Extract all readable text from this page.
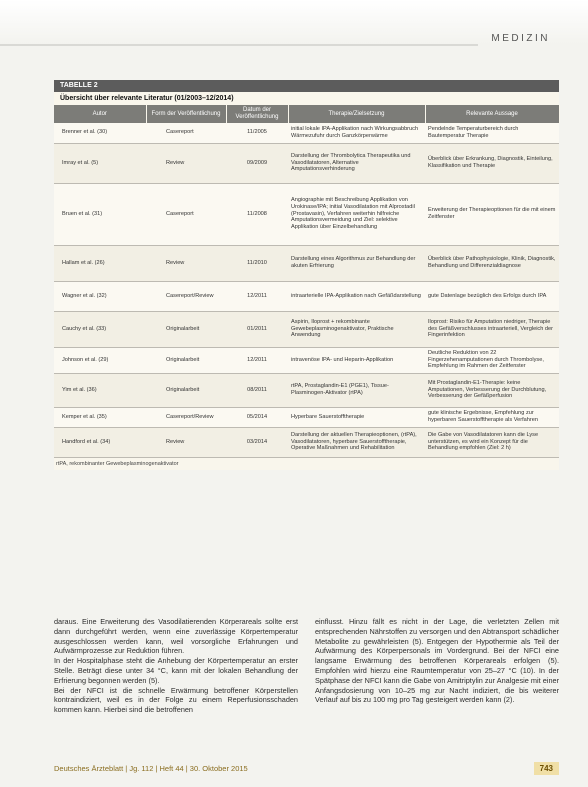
MEDIZIN
TABELLE 2
Übersicht über relevante Literatur (01/2003–12/2014)
Autor	Form der Veröffentlichung	Datum der Veröffentlichung	Therapie/Zielsetzung	Relevante Aussage
Brenner et al. (30)	Casereport	11/2005	initial lokale IPA-Applikation nach Wirkungsabbruch Wärmezufuhr durch Ganzkörperwärme	Pendelnde Temperaturbereich durch Bautemperatur Therapie
Imray et al. (5)	Review	09/2009	Darstellung der Thrombolytica Therapeutika und Vasodilatatoren, Alternative Amputationsverhinderung	Überblick über Erkrankung, Diagnostik, Einteilung, Klassifikation und Therapie
Bruen et al. (31)	Casereport	11/2008	Angiographie mit Beschreibung Applikation von Urokinase/IPA; initial Vasodilatation mit Alprostadil (Prostavasin), Verfahren weiterhin hilfreiche Amputationsvermeidung und Ziel: selektive Applikation über Einzelbehandlung	Erweiterung der Therapieoptionen für die mit einem Zeitfenster
Hallam et al. (26)	Review	11/2010	Darstellung eines Algorithmus zur Behandlung der akuten Erfrierung	Überblick über Pathophysiologie, Klinik, Diagnostik, Behandlung und Differenzialdiagnose
Wagner et al. (32)	Casereport/Review	12/2011	intraarterielle IPA-Applikation nach Gefäßdarstellung	gute Datenlage bezüglich des Erfolgs durch IPA
Cauchy et al. (33)	Originalarbeit	01/2011	Aspirin, Iloprost + rekombinante Gewebeplasminogenaktivator, Praktische Anwendung	Iloprost: Risiko für Amputation niedriger, Therapie des Gefäßverschlusses intraarteriell, Vergleich der Fingerinfektion
Johnson et al. (29)	Originalarbeit	12/2011	intravenöse IPA- und Heparin-Applikation	Deutliche Reduktion von 22 Fingerzehenamputationen durch Thrombolyse, Empfehlung im Rahmen der Zeitfenster
Yim et al. (36)	Originalarbeit	08/2011	rtPA, Prostaglandin-E1 (PGE1), Tissue-Plasminogen-Aktivator (rtPA)	Mit Prostaglandin-E1-Therapie: keine Amputationen, Verbesserung der Durchblutung, Verbesserung der Gefäßperfusion
Kemper et al. (35)	Casereport/Review	05/2014	Hyperbare Sauerstofftherapie	gute klinische Ergebnisse, Empfehlung zur hyperbaren Sauerstofftherapie als Verfahren
Handford et al. (34)	Review	03/2014	Darstellung der aktuellen Therapieoptionen, (rtPA), Vasodilatatoren, hyperbare Sauerstofftherapie, Operative Maßnahmen und Rehabilitation	Die Gabe von Vasodilatatoren kann die Lyse unterstützen, es wird ein Konzept für die Behandlung empfohlen (Ziel: 2 h)
rtPA, rekombinanter Gewebeplasminogenaktivator

daraus. Eine Erweiterung des Vasodilatierenden Körperareals sollte erst dann durchgeführt werden, wenn eine zuverlässige Körpertemperatur ausgeschlossen werden kann, weil vorsorgliche Erfahrungen und Aufwärmprozesse zur Reduktion führen.

In der Hospitalphase steht die Anhebung der Körpertemperatur an erster Stelle. Beträgt diese unter 34 °C, kann mit der lokalen Behandlung der Erfrierung begonnen werden (5).

Bei der NFCI ist die schnelle Erwärmung betroffener Körperstellen kontraindiziert, weil es in der Folge zu einem Reperfusionsschaden kommen kann. Hierbei sind die betroffenen

einflusst. Hinzu fällt es nicht in der Lage, die verletzten Zellen mit entsprechenden Nährstoffen zu versorgen und den Abtransport schädlicher Metabolite zu gewährleisten (5). Entgegen der Hypothermie als Teil der Aufwärmung des Körperpersonals im Vordergrund. Bei der NFCI eine langsame Erwärmung des betroffenen Körperareals erfolgen (5). Empfohlen wird hierzu eine Raumtemperatur von 25–27 °C (10). In der Spätphase der NFCI kann die Gabe von Amitriptylin zur Analgesie mit einer Anfangsdosierung von 10–25 mg zur Nacht indiziert, die bis weiterer Verlauf auf bis zu 100 mg pro Tag gesteigert werden kann (2).

Deutsches Ärzteblatt | Jg. 112 | Heft 44 | 30. Oktober 2015	743
